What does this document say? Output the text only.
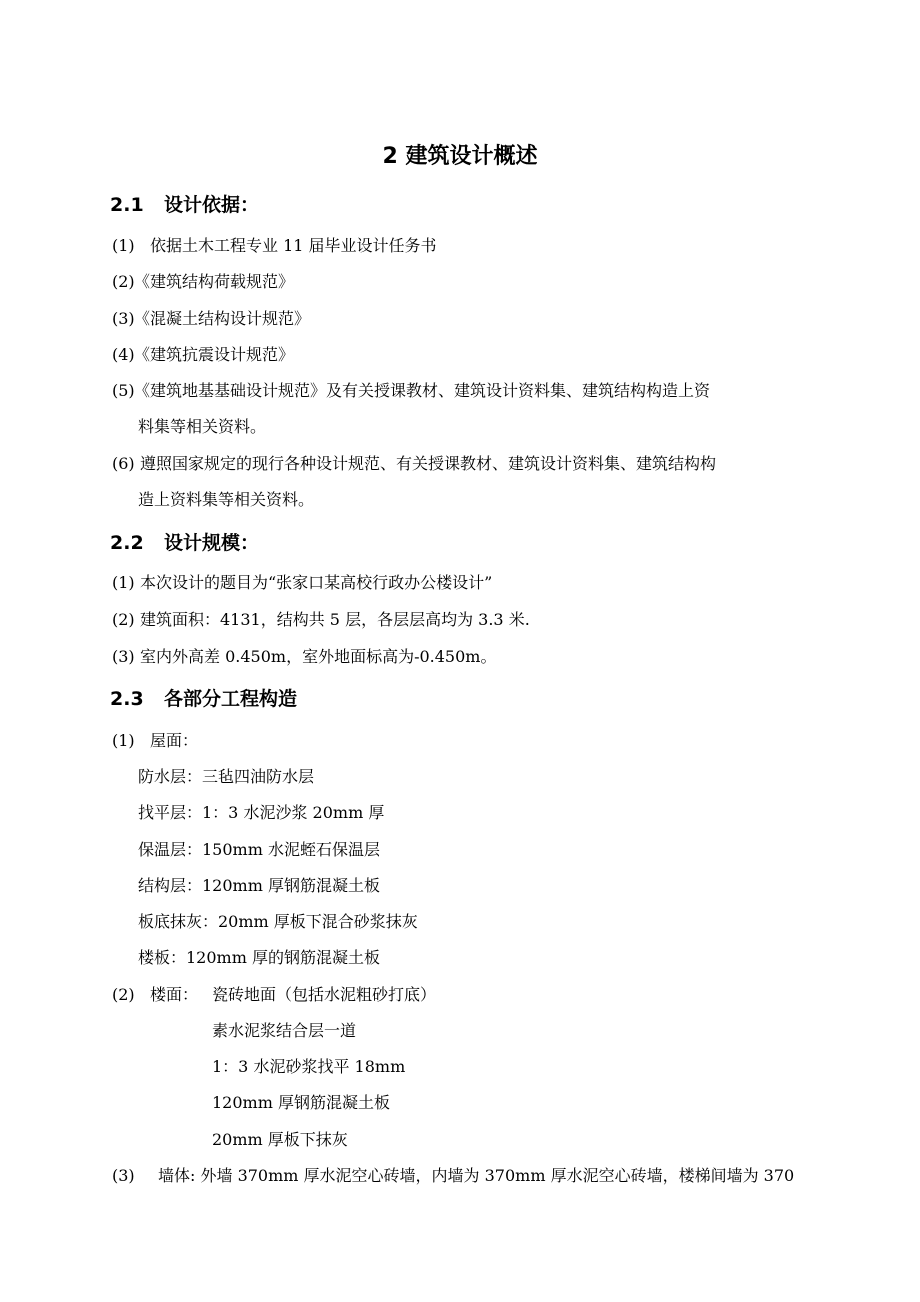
2 建筑设计概述
2.1 设计依据：
(1) 依据土木工程专业 11 届毕业设计任务书
(2)《建筑结构荷载规范》
(3)《混凝土结构设计规范》
(4)《建筑抗震设计规范》
(5)《建筑地基基础设计规范》及有关授课教材、建筑设计资料集、建筑结构构造上资
料集等相关资料。
(6) 遵照国家规定的现行各种设计规范、有关授课教材、建筑设计资料集、建筑结构构
造上资料集等相关资料。
2.2 设计规模：
(1) 本次设计的题目为“张家口某高校行政办公楼设计”
(2) 建筑面积：4131，结构共 5 层，各层层高均为 3.3 米.
(3) 室内外高差 0.450m，室外地面标高为-0.450m。
2.3 各部分工程构造
(1) 屋面：
防水层：三毡四油防水层
找平层：1：3 水泥沙浆 20mm 厚
保温层：150mm 水泥蛭石保温层
结构层：120mm 厚钢筋混凝土板
板底抹灰：20mm 厚板下混合砂浆抹灰
楼板：120mm 厚的钢筋混凝土板
(2) 楼面： 瓷砖地面（包括水泥粗砂打底）
素水泥浆结合层一道
1：3 水泥砂浆找平 18mm
120mm 厚钢筋混凝土板
20mm 厚板下抹灰
(3) 墙体: 外墙 370mm 厚水泥空心砖墙，内墙为 370mm 厚水泥空心砖墙，楼梯间墙为 370
